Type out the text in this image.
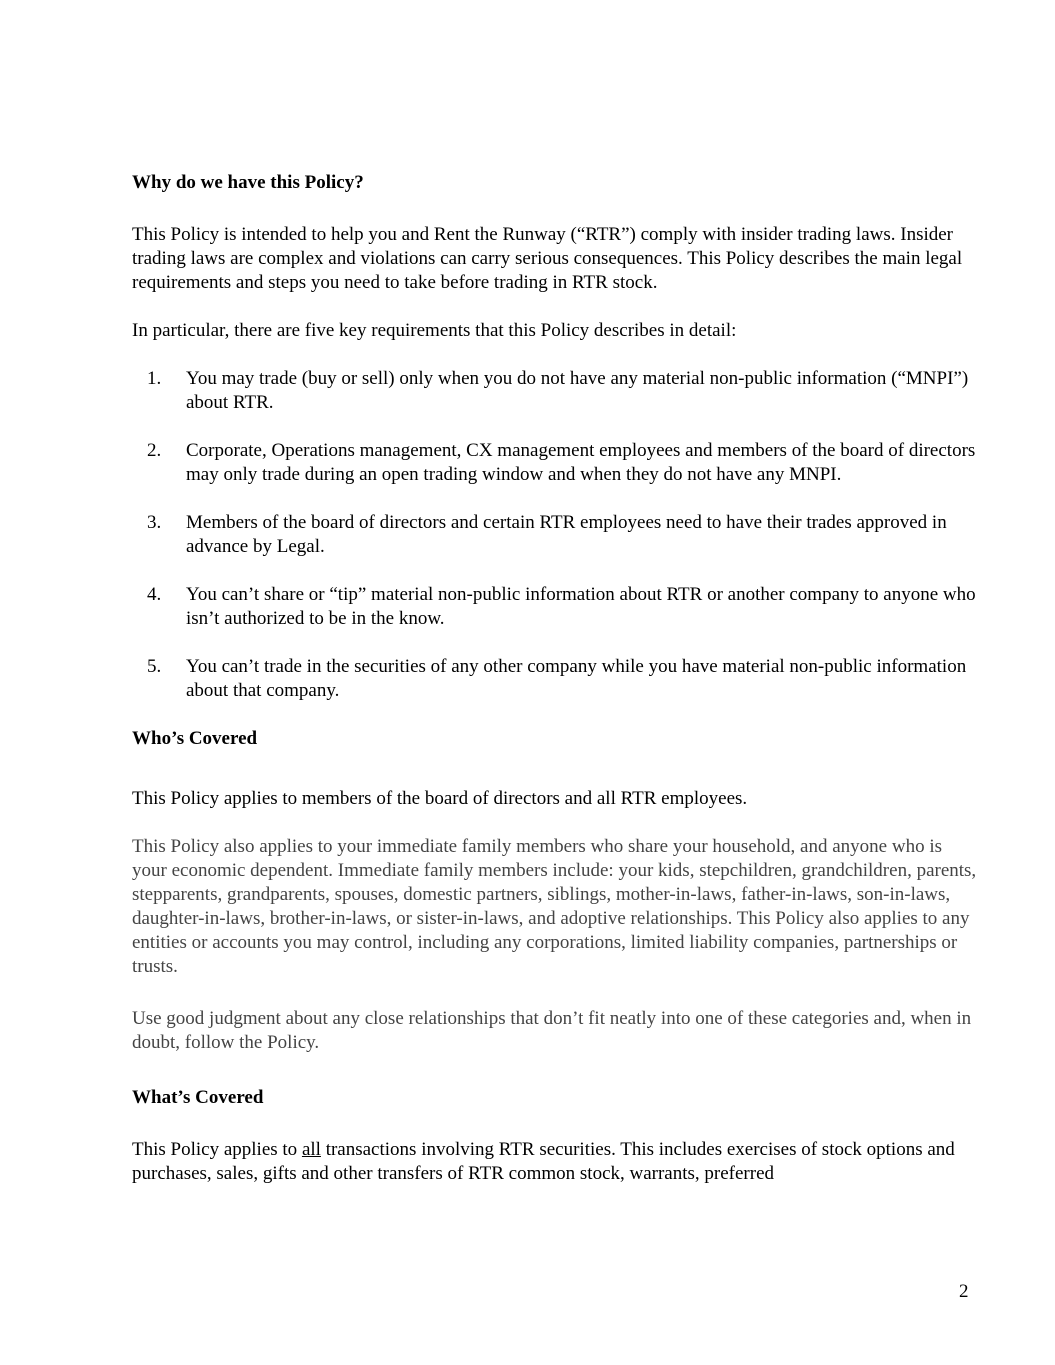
Why do we have this Policy?

This Policy is intended to help you and Rent the Runway (“RTR”) comply with insider trading laws. Insider trading laws are complex and violations can carry serious consequences. This Policy describes the main legal requirements and steps you need to take before trading in RTR stock.

In particular, there are five key requirements that this Policy describes in detail:

1. You may trade (buy or sell) only when you do not have any material non-public information (“MNPI”) about RTR.
2. Corporate, Operations management, CX management employees and members of the board of directors may only trade during an open trading window and when they do not have any MNPI.
3. Members of the board of directors and certain RTR employees need to have their trades approved in advance by Legal.
4. You can’t share or “tip” material non-public information about RTR or another company to anyone who isn’t authorized to be in the know.
5. You can’t trade in the securities of any other company while you have material non-public information about that company.

Who’s Covered

This Policy applies to members of the board of directors and all RTR employees.

This Policy also applies to your immediate family members who share your household, and anyone who is your economic dependent. Immediate family members include: your kids, stepchildren, grandchildren, parents, stepparents, grandparents, spouses, domestic partners, siblings, mother-in-laws, father-in-laws, son-in-laws, daughter-in-laws, brother-in-laws, or sister-in-laws, and adoptive relationships. This Policy also applies to any entities or accounts you may control, including any corporations, limited liability companies, partnerships or trusts.

Use good judgment about any close relationships that don’t fit neatly into one of these categories and, when in doubt, follow the Policy.

What’s Covered

This Policy applies to all transactions involving RTR securities. This includes exercises of stock options and purchases, sales, gifts and other transfers of RTR common stock, warrants, preferred

2
